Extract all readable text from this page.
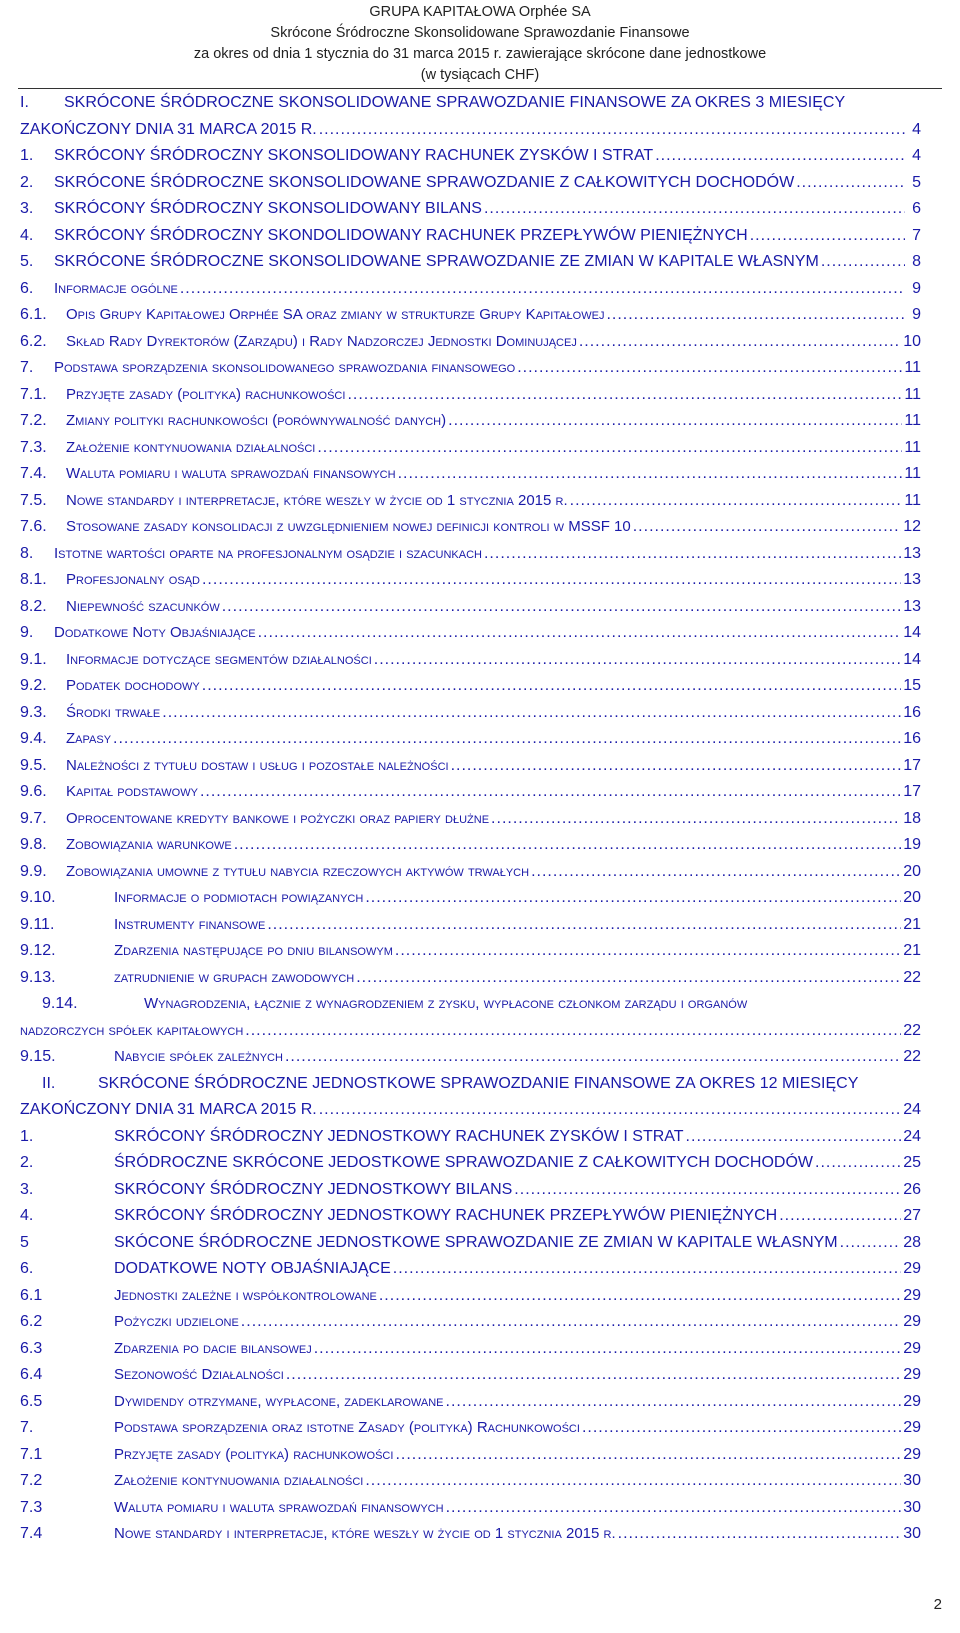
GRUPA KAPITAŁOWA Orphée SA
Skrócone Śródroczne Skonsolidowane Sprawozdanie Finansowe
za okres od dnia 1 stycznia do 31 marca 2015 r. zawierające skrócone dane jednostkowe
(w tysiącach CHF)
I.	SKRÓCONE ŚRÓDROCZNE SKONSOLIDOWANE SPRAWOZDANIE FINANSOWE ZA OKRES 3 MIESIĘCY
ZAKOŃCZONY DNIA 31 MARCA 2015 R. .....	4
1.	SKRÓCONY ŚRÓDROCZNY SKONSOLIDOWANY RACHUNEK ZYSKÓW I STRAT .....	4
2.	SKRÓCONE ŚRÓDROCZNE SKONSOLIDOWANE SPRAWOZDANIE Z CAŁKOWITYCH DOCHODÓW .....	5
3.	SKRÓCONY ŚRÓDROCZNY SKONSOLIDOWANY BILANS .....	6
4.	SKRÓCONY ŚRÓDROCZNY SKONDOLIDOWANY RACHUNEK PRZEPŁYWÓW PIENIĘŻNYCH .....	7
5.	SKRÓCONE ŚRÓDROCZNE SKONSOLIDOWANE SPRAWOZDANIE ZE ZMIAN W KAPITALE WŁASNYM .....	8
6.	Informacje ogólne .....	9
6.1.	Opis Grupy Kapitałowej Orphée SA oraz zmiany w strukturze Grupy Kapitałowej .....	9
6.2.	Skład Rady Dyrektorów (Zarządu) i Rady Nadzorczej Jednostki Dominującej .....	10
7.	Podstawa sporządzenia skonsolidowanego sprawozdania finansowego .....	11
7.1.	Przyjęte zasady (polityka) rachunkowości .....	11
7.2.	Zmiany polityki rachunkowości (porównywalność danych) .....	11
7.3.	Założenie kontynuowania działalności .....	11
7.4.	Waluta pomiaru i waluta sprawozdań finansowych .....	11
7.5.	Nowe standardy i interpretacje, które weszły w życie od 1 stycznia 2015 r. .....	11
7.6.	Stosowane zasady konsolidacji z uwzględnieniem nowej definicji kontroli w MSSF 10 .....	12
8.	Istotne wartości oparte na profesjonalnym osądzie i szacunkach .....	13
8.1.	Profesjonalny osąd .....	13
8.2.	Niepewność szacunków .....	13
9.	Dodatkowe Noty Objaśniające .....	14
9.1.	Informacje dotyczące segmentów działalności .....	14
9.2.	Podatek dochodowy .....	15
9.3.	Środki trwałe .....	16
9.4.	Zapasy .....	16
9.5.	Należności z tytułu dostaw i usług i pozostałe należności .....	17
9.6.	Kapitał podstawowy .....	17
9.7.	Oprocentowane kredyty bankowe i pożyczki oraz papiery dłużne .....	18
9.8.	Zobowiązania warunkowe .....	19
9.9.	Zobowiązania umowne z tytułu nabycia rzeczowych aktywów trwałych .....	20
9.10.	Informacje o podmiotach powiązanych .....	20
9.11.	Instrumenty finansowe .....	21
9.12.	Zdarzenia następujące po dniu bilansowym .....	21
9.13.	zatrudnienie w grupach zawodowych .....	22
9.14.	Wynagrodzenia, łącznie z wynagrodzeniem z zysku, wypłacone członkom zarządu i organów
nadzorczych spółek kapitałowych .....	22
9.15.	Nabycie spółek zależnych .....	22
II.	SKRÓCONE ŚRÓDROCZNE JEDNOSTKOWE SPRAWOZDANIE FINANSOWE ZA OKRES 12 MIESIĘCY
ZAKOŃCZONY DNIA 31 MARCA 2015 R. .....	24
1.	SKRÓCONY ŚRÓDROCZNY JEDNOSTKOWY RACHUNEK ZYSKÓW I STRAT .....	24
2.	ŚRÓDROCZNE SKRÓCONE JEDOSTKOWE SPRAWOZDANIE Z CAŁKOWITYCH DOCHODÓW .....	25
3.	SKRÓCONY ŚRÓDROCZNY JEDNOSTKOWY BILANS .....	26
4.	SKRÓCONY ŚRÓDROCZNY JEDNOSTKOWY RACHUNEK PRZEPŁYWÓW PIENIĘŻNYCH .....	27
5	SKÓCONE ŚRÓDROCZNE JEDNOSTKOWE SPRAWOZDANIE ZE ZMIAN W KAPITALE WŁASNYM .....	28
6.	DODATKOWE NOTY OBJAŚNIAJĄCE .....	29
6.1	Jednostki zależne i współkontrolowane .....	29
6.2	Pożyczki udzielone .....	29
6.3	Zdarzenia po dacie bilansowej .....	29
6.4	Sezonowość Działalności .....	29
6.5	Dywidendy otrzymane, wypłacone, zadeklarowane .....	29
7.	Podstawa sporządzenia oraz istotne Zasady (polityka) Rachunkowości .....	29
7.1	Przyjęte zasady (polityka) rachunkowości .....	29
7.2	Założenie kontynuowania działalności .....	30
7.3	Waluta pomiaru i waluta sprawozdań finansowych .....	30
7.4	Nowe standardy i interpretacje, które weszły w życie od 1 stycznia 2015 r. .....	30
2
